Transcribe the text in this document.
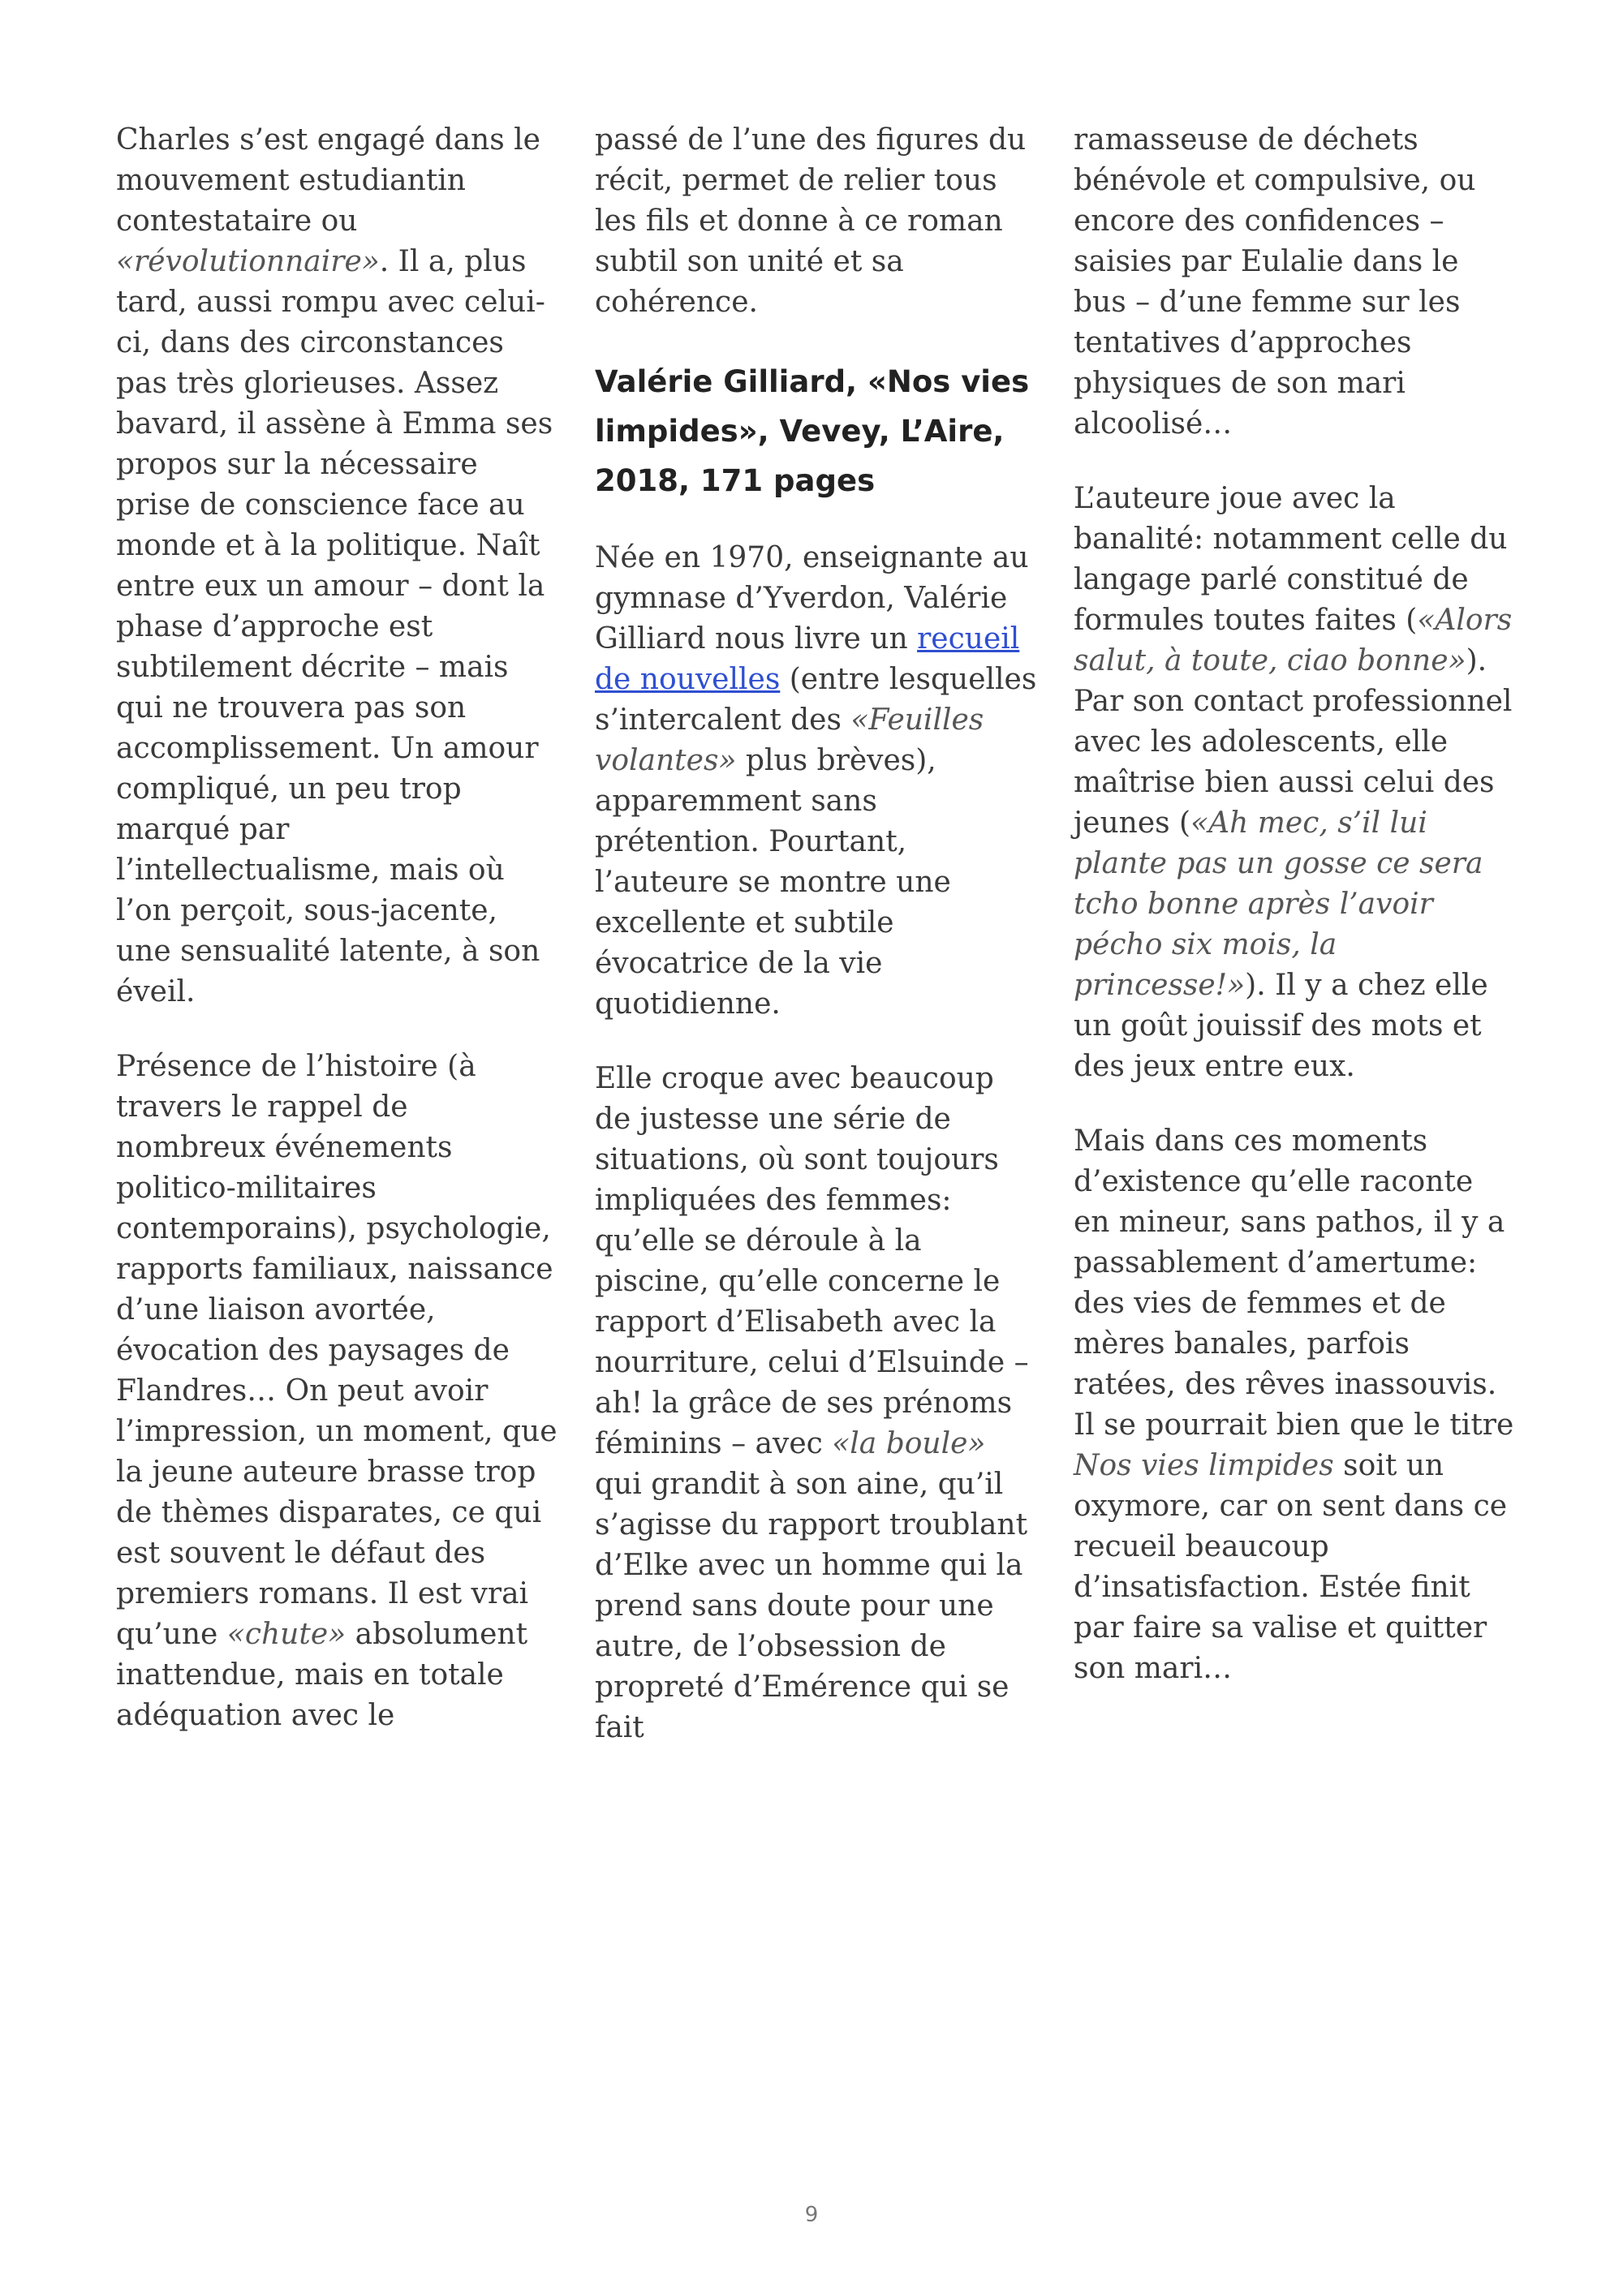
Charles s’est engagé dans le mouvement estudiantin contestataire ou «révolutionnaire». Il a, plus tard, aussi rompu avec celui-ci, dans des circonstances pas très glorieuses. Assez bavard, il assène à Emma ses propos sur la nécessaire prise de conscience face au monde et à la politique. Naît entre eux un amour – dont la phase d’approche est subtilement décrite – mais qui ne trouvera pas son accomplissement. Un amour compliqué, un peu trop marqué par l’intellectualisme, mais où l’on perçoit, sous-jacente, une sensualité latente, à son éveil.

Présence de l’histoire (à travers le rappel de nombreux événements politico-militaires contemporains), psychologie, rapports familiaux, naissance d’une liaison avortée, évocation des paysages de Flandres… On peut avoir l’impression, un moment, que la jeune auteure brasse trop de thèmes disparates, ce qui est souvent le défaut des premiers romans. Il est vrai qu’une «chute» absolument inattendue, mais en totale adéquation avec le

passé de l’une des figures du récit, permet de relier tous les fils et donne à ce roman subtil son unité et sa cohérence.

Valérie Gilliard, «Nos vies limpides», Vevey, L’Aire, 2018, 171 pages

Née en 1970, enseignante au gymnase d’Yverdon, Valérie Gilliard nous livre un recueil de nouvelles (entre lesquelles s’intercalent des «Feuilles volantes» plus brèves), apparemment sans prétention. Pourtant, l’auteure se montre une excellente et subtile évocatrice de la vie quotidienne.

Elle croque avec beaucoup de justesse une série de situations, où sont toujours impliquées des femmes: qu’elle se déroule à la piscine, qu’elle concerne le rapport d’Elisabeth avec la nourriture, celui d’Elsuinde – ah! la grâce de ses prénoms féminins – avec «la boule» qui grandit à son aine, qu’il s’agisse du rapport troublant d’Elke avec un homme qui la prend sans doute pour une autre, de l’obsession de propreté d’Emérence qui se fait

ramasseuse de déchets bénévole et compulsive, ou encore des confidences – saisies par Eulalie dans le bus – d’une femme sur les tentatives d’approches physiques de son mari alcoolisé…

L’auteure joue avec la banalité: notamment celle du langage parlé constitué de formules toutes faites («Alors salut, à toute, ciao bonne»). Par son contact professionnel avec les adolescents, elle maîtrise bien aussi celui des jeunes («Ah mec, s’il lui plante pas un gosse ce sera tcho bonne après l’avoir pécho six mois, la princesse!»). Il y a chez elle un goût jouissif des mots et des jeux entre eux.

Mais dans ces moments d’existence qu’elle raconte en mineur, sans pathos, il y a passablement d’amertume: des vies de femmes et de mères banales, parfois ratées, des rêves inassouvis. Il se pourrait bien que le titre Nos vies limpides soit un oxymore, car on sent dans ce recueil beaucoup d’insatisfaction. Estée finit par faire sa valise et quitter son mari…

9
